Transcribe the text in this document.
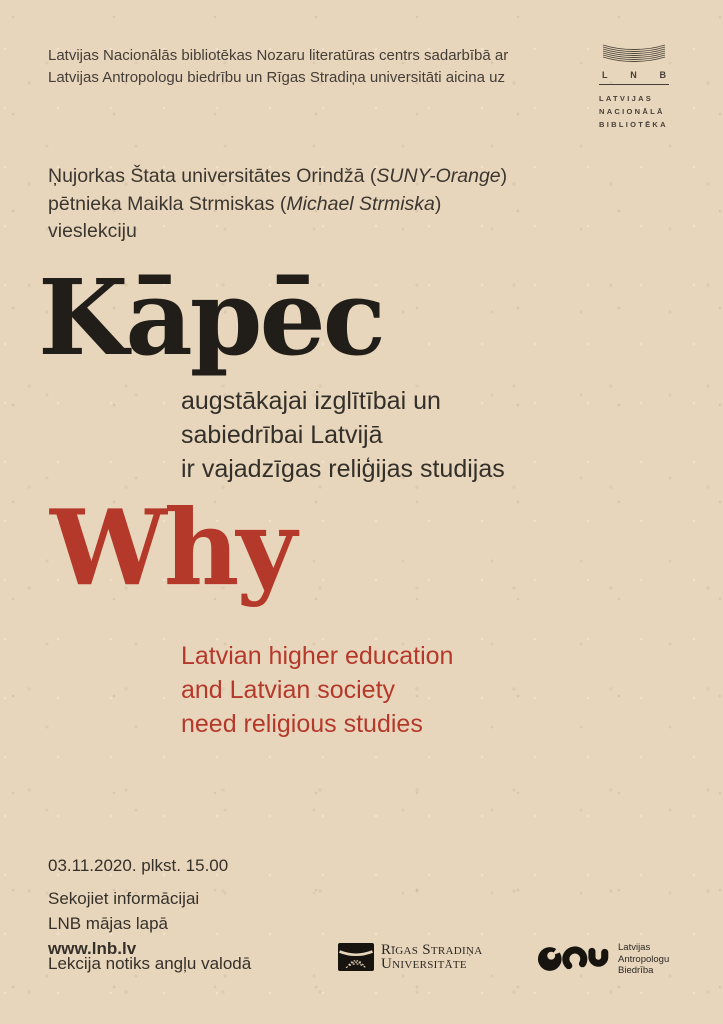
Latvijas Nacionālās bibliotēkas Nozaru literatūras centrs sadarbībā ar
Latvijas Antropologu biedrību un Rīgas Stradiņa universitāti aicina uz	L	N	B
LATVIJAS
NACIONĀLĀ
BIBLIOTĒKA
Ņujorkas Štata universitātes Orindžā (SUNY-Orange)
pētnieka Maikla Strmiskas (Michael Strmiska)
vieslekciju
Kāpēc
augstākajai izglītībai un
sabiedrībai Latvijā
ir vajadzīgas reliģijas studijas
Why
Latvian higher education
and Latvian society
need religious studies
03.11.2020. plkst. 15.00
Sekojiet informācijai
LNB mājas lapā
www.lnb.lv
Lekcija notiks angļu valodā
Rīgas Stradiņa
Universitāte
Latvijas
Antropologu
Biedrība
